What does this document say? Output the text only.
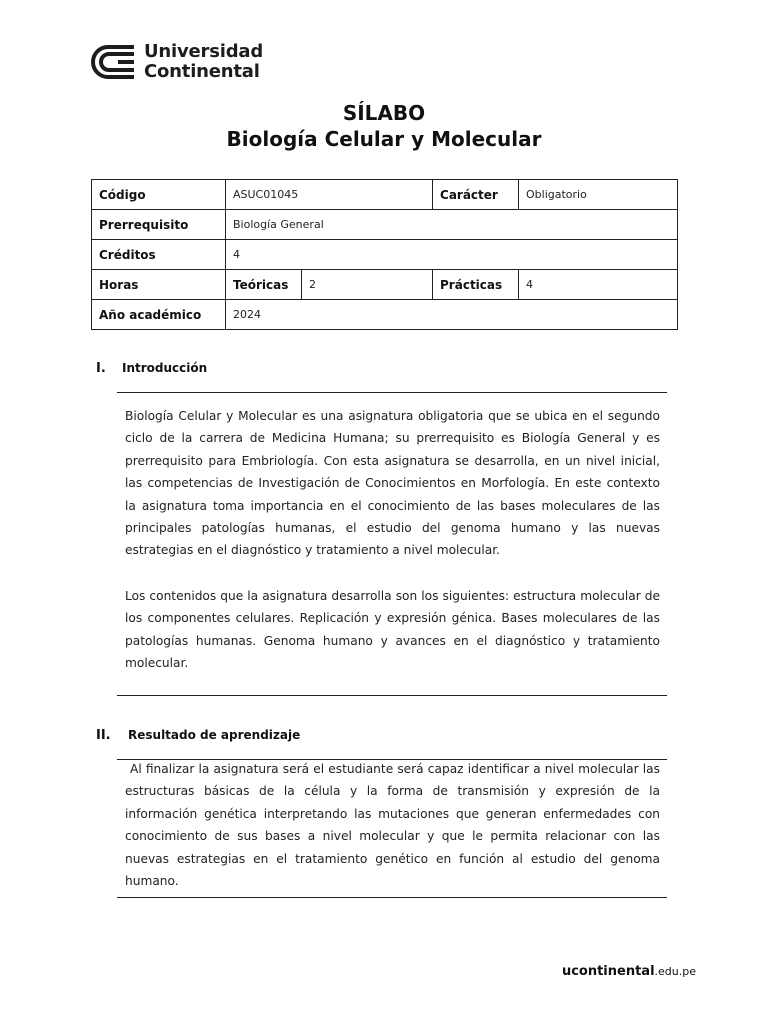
Universidad
Continental
SÍLABO
Biología Celular y Molecular
Código	ASUC01045		Carácter	Obligatorio
Prerrequisito	Biología General			
Créditos	4			
Horas	Teóricas	2	Prácticas	4
Año académico	2024			
I.	Introducción
Biología Celular y Molecular es una asignatura obligatoria que se ubica en el segundo ciclo de la carrera de Medicina Humana; su prerrequisito es Biología General y es prerrequisito para Embriología. Con esta asignatura se desarrolla, en un nivel inicial, las competencias de Investigación de Conocimientos en Morfología. En este contexto la asignatura toma importancia en el conocimiento de las bases moleculares de las principales patologías humanas, el estudio del genoma humano y las nuevas estrategias en el diagnóstico y tratamiento a nivel molecular.
Los contenidos que la asignatura desarrolla son los siguientes: estructura molecular de los componentes celulares. Replicación y expresión génica. Bases moleculares de las patologías humanas. Genoma humano y avances en el diagnóstico y tratamiento molecular.
II.	Resultado de aprendizaje
Al finalizar la asignatura será el estudiante será capaz identificar a nivel molecular las estructuras básicas de la célula y la forma de transmisión y expresión de la información genética interpretando las mutaciones que generan enfermedades con conocimiento de sus bases a nivel molecular y que le permita relacionar con las nuevas estrategias en el tratamiento genético en función al estudio del genoma humano.
ucontinental.edu.pe
